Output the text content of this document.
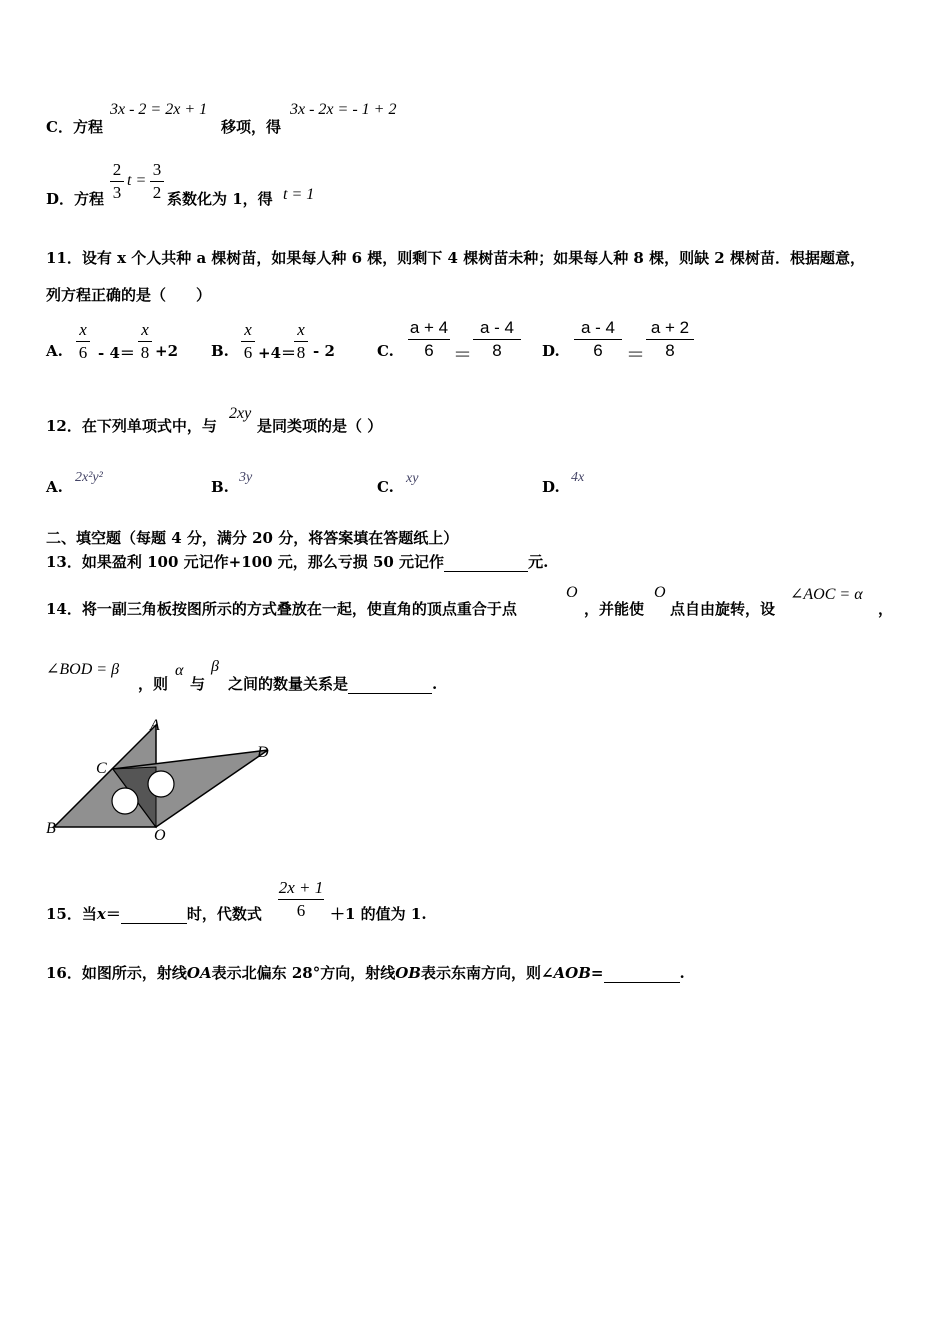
C．方程
3x - 2 = 2x + 1
移项，得
3x - 2x = - 1 + 2
D．方程
2
3
t =
3
2 系数化为 1，得 t = 1
11．设有 x 个人共种 a 棵树苗，如果每人种 6 棵，则剩下 4 棵树苗未种；如果每人种 8 棵，则缺 2 棵树苗．根据题意，
列方程正确的是（　　）
A.
x
6 - 4＝
x
8 +2 B.
x
6 +4＝
x
8 - 2	C.
a + 4
6	＝
a - 4
8	D.
a - 4
6	＝
a + 2
8
12．在下列单项式中，与
2xy
是同类项的是（ ）
A.
2x²y²
B.
3y
C. xy	D.
4x
二、填空题（每题 4 分，满分 20 分，将答案填在答题纸上）
13．如果盈利 100 元记作+100 元，那么亏损 50 元记作	元.
14．将一副三角板按图所示的方式叠放在一起，使直角的顶点重合于点
O
，并能使
O
点自由旋转，设
∠AOC = α
，
∠BOD = β
，则
α
与
β
之间的数量关系是	.
A
B
C
D
O
15．当x＝	时，代数式
2x + 1
6	＋1 的值为 1.
16．如图所示，射线OA表示北偏东 28°方向，射线OB表示东南方向，则∠AOB=	.
